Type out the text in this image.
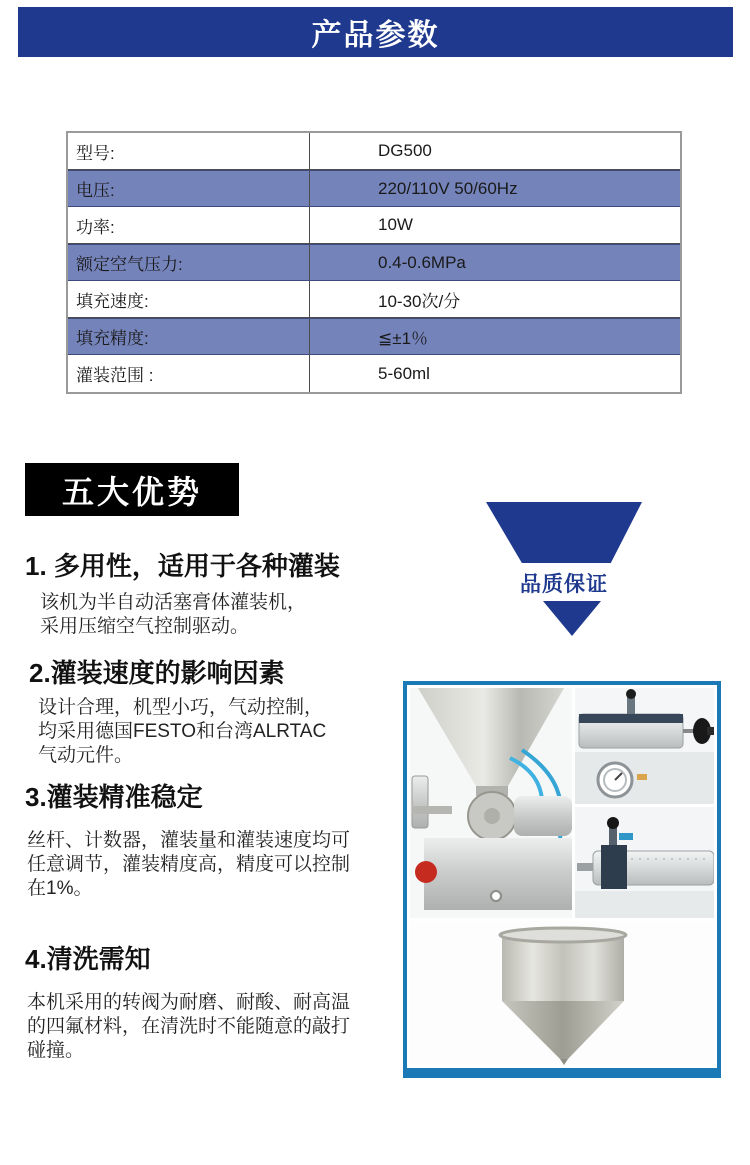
产品参数
型号:	DG500
电压:	220/110V 50/60Hz
功率:	10W
额定空气压力:	0.4-0.6MPa
填充速度:	10-30次/分
填充精度:	≦±1％
灌装范围 :	5-60ml
五大优势
1. 多用性，适用于各种灌装
该机为半自动活塞膏体灌装机，
采用压缩空气控制驱动。
2.灌装速度的影响因素
设计合理，机型小巧，气动控制，
均采用德国FESTO和台湾ALRTAC
气动元件。
3.灌装精准稳定
丝杆、计数器，灌装量和灌装速度均可
任意调节，灌装精度高，精度可以控制
在1%。
4.清洗需知
本机采用的转阀为耐磨、耐酸、耐高温
的四氟材料，在清洗时不能随意的敲打
碰撞。
品质保证
